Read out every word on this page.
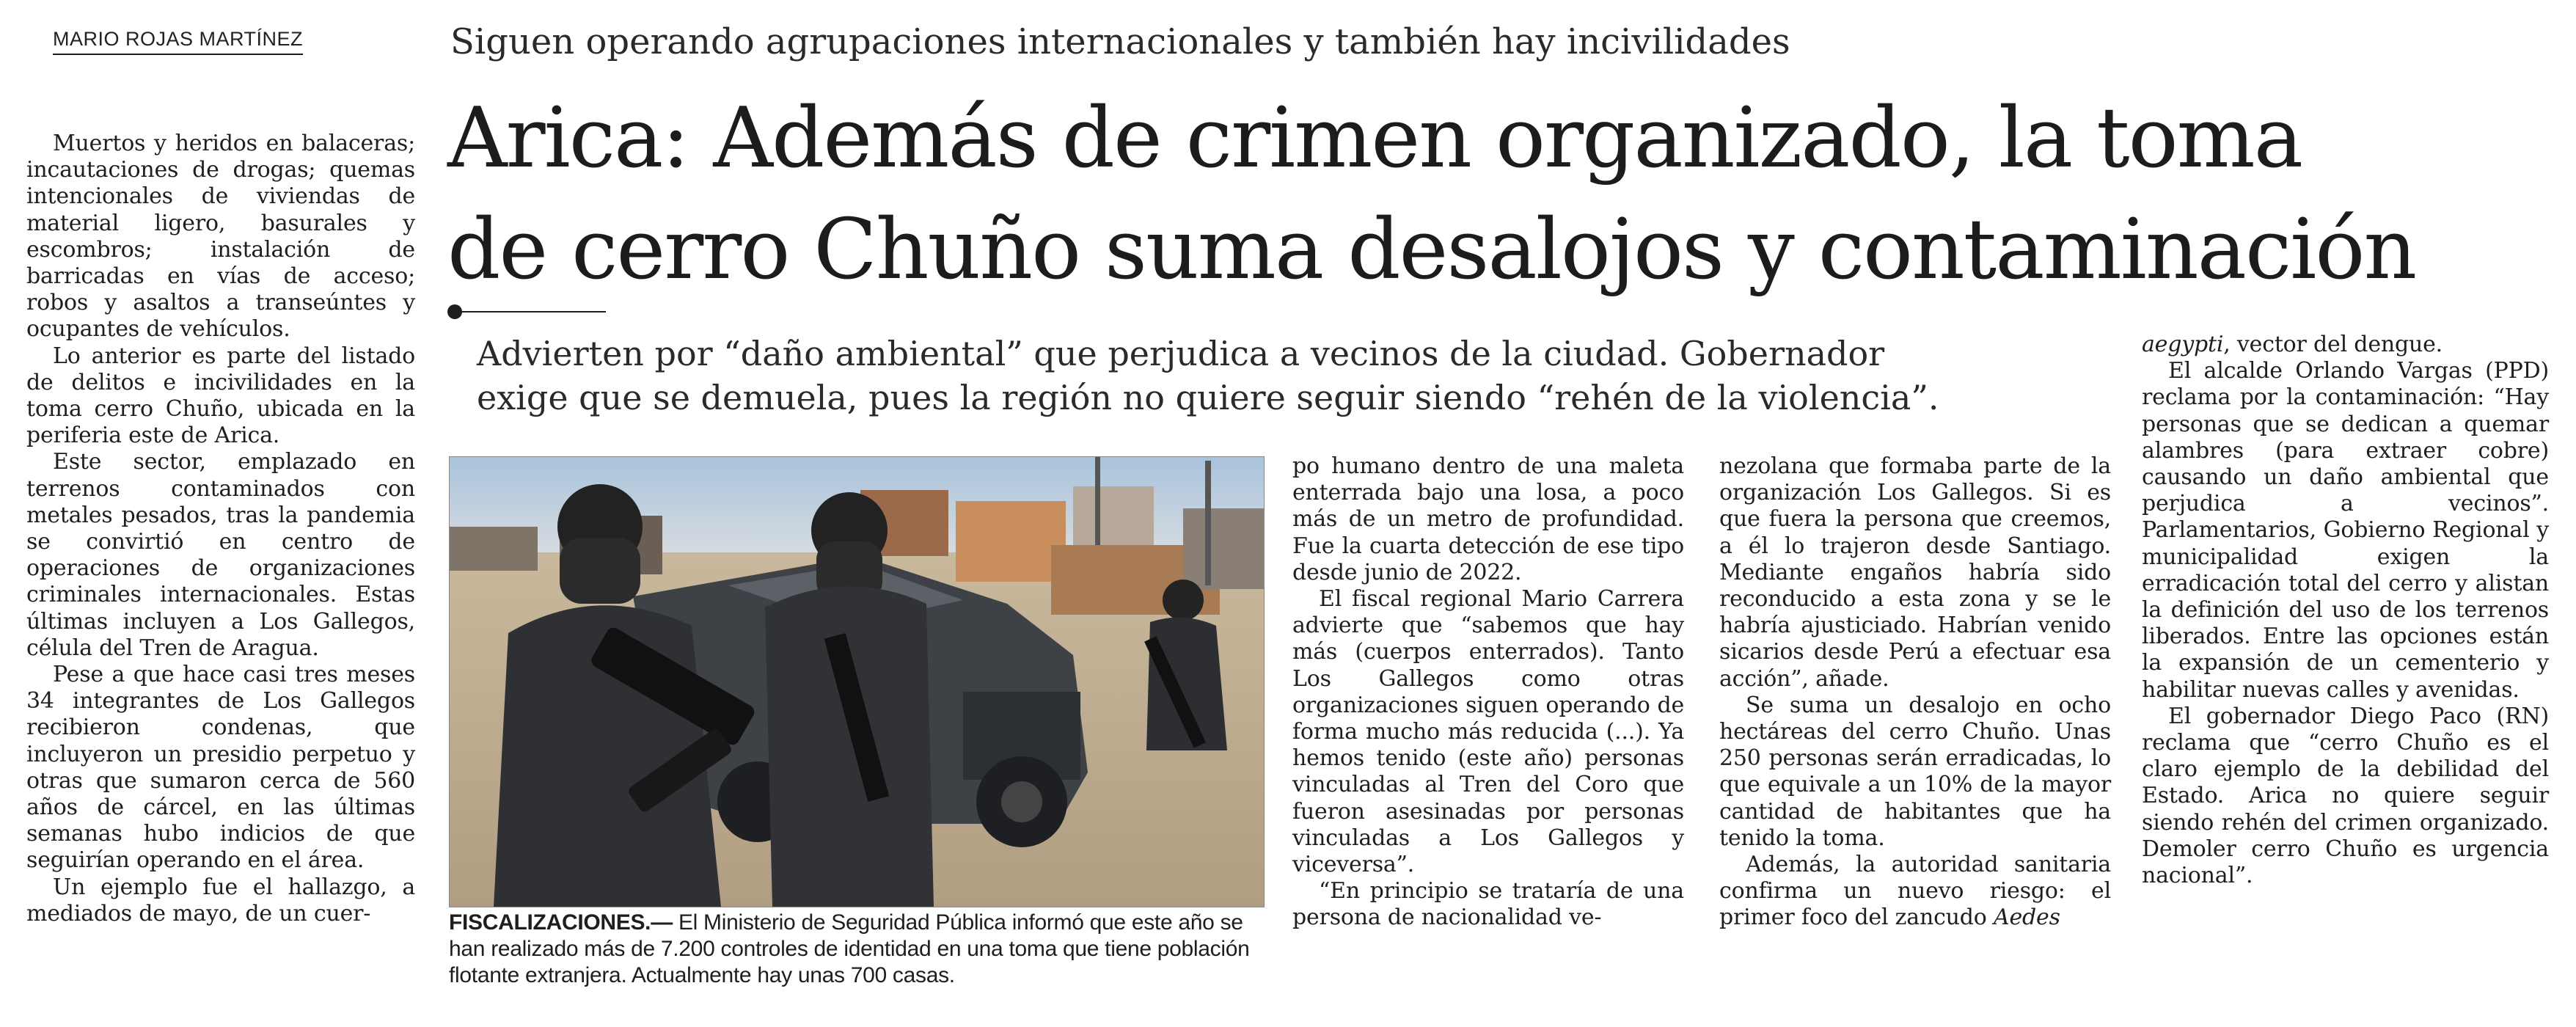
MARIO ROJAS MARTÍNEZ	Siguen operando agrupaciones internacionales y también hay incivilidades
Arica: Además de crimen organizado, la toma
de cerro Chuño suma desalojos y contaminación
Advierten por “daño ambiental” que perjudica a vecinos de la ciudad. Gobernador
exige que se demuela, pues la región no quiere seguir siendo “rehén de la violencia”.

Muertos y heridos en balaceras; incautaciones de drogas; quemas intencionales de viviendas de material ligero, basurales y escombros; instalación de barricadas en vías de acceso; robos y asaltos a transeúntes y ocupantes de vehículos.

Lo anterior es parte del listado de delitos e incivilidades en la toma cerro Chuño, ubicada en la periferia este de Arica.

Este sector, emplazado en terrenos contaminados con metales pesados, tras la pandemia se convirtió en centro de operaciones de organizaciones criminales internacionales. Estas últimas incluyen a Los Gallegos, célula del Tren de Aragua.

Pese a que hace casi tres meses 34 integrantes de Los Gallegos recibieron condenas, que incluyeron un presidio perpetuo y otras que sumaron cerca de 560 años de cárcel, en las últimas semanas hubo indicios de que seguirían operando en el área.

Un ejemplo fue el hallazgo, a mediados de mayo, de un cuer-	FISCALIZACIONES.— El Ministerio de Seguridad Pública informó que este año se han realizado más de 7.200 controles de identidad en una toma que tiene población flotante extranjera. Actualmente hay unas 700 casas.

po humano dentro de una maleta enterrada bajo una losa, a poco más de un metro de profundidad. Fue la cuarta detección de ese tipo desde junio de 2022.

El fiscal regional Mario Carrera advierte que “sabemos que hay más (cuerpos enterrados). Tanto Los Gallegos como otras organizaciones siguen operando de forma mucho más reducida (...). Ya hemos tenido (este año) personas vinculadas al Tren del Coro que fueron asesinadas por personas vinculadas a Los Gallegos y viceversa”.

“En principio se trataría de una persona de nacionalidad ve-

nezolana que formaba parte de la organización Los Gallegos. Si es que fuera la persona que creemos, a él lo trajeron desde Santiago. Mediante engaños habría sido reconducido a esta zona y se le habría ajusticiado. Habrían venido sicarios desde Perú a efectuar esa acción”, añade.

Se suma un desalojo en ocho hectáreas del cerro Chuño. Unas 250 personas serán erradicadas, lo que equivale a un 10% de la mayor cantidad de habitantes que ha tenido la toma.

Además, la autoridad sanitaria confirma un nuevo riesgo: el primer foco del zancudo Aedes

aegypti, vector del dengue.

El alcalde Orlando Vargas (PPD) reclama por la contaminación: “Hay personas que se dedican a quemar alambres (para extraer cobre) causando un daño ambiental que perjudica a vecinos”. Parlamentarios, Gobierno Regional y municipalidad exigen la erradicación total del cerro y alistan la definición del uso de los terrenos liberados. Entre las opciones están la expansión de un cementerio y habilitar nuevas calles y avenidas.

El gobernador Diego Paco (RN) reclama que “cerro Chuño es el claro ejemplo de la debilidad del Estado. Arica no quiere seguir siendo rehén del crimen organizado. Demoler cerro Chuño es urgencia nacional”.
